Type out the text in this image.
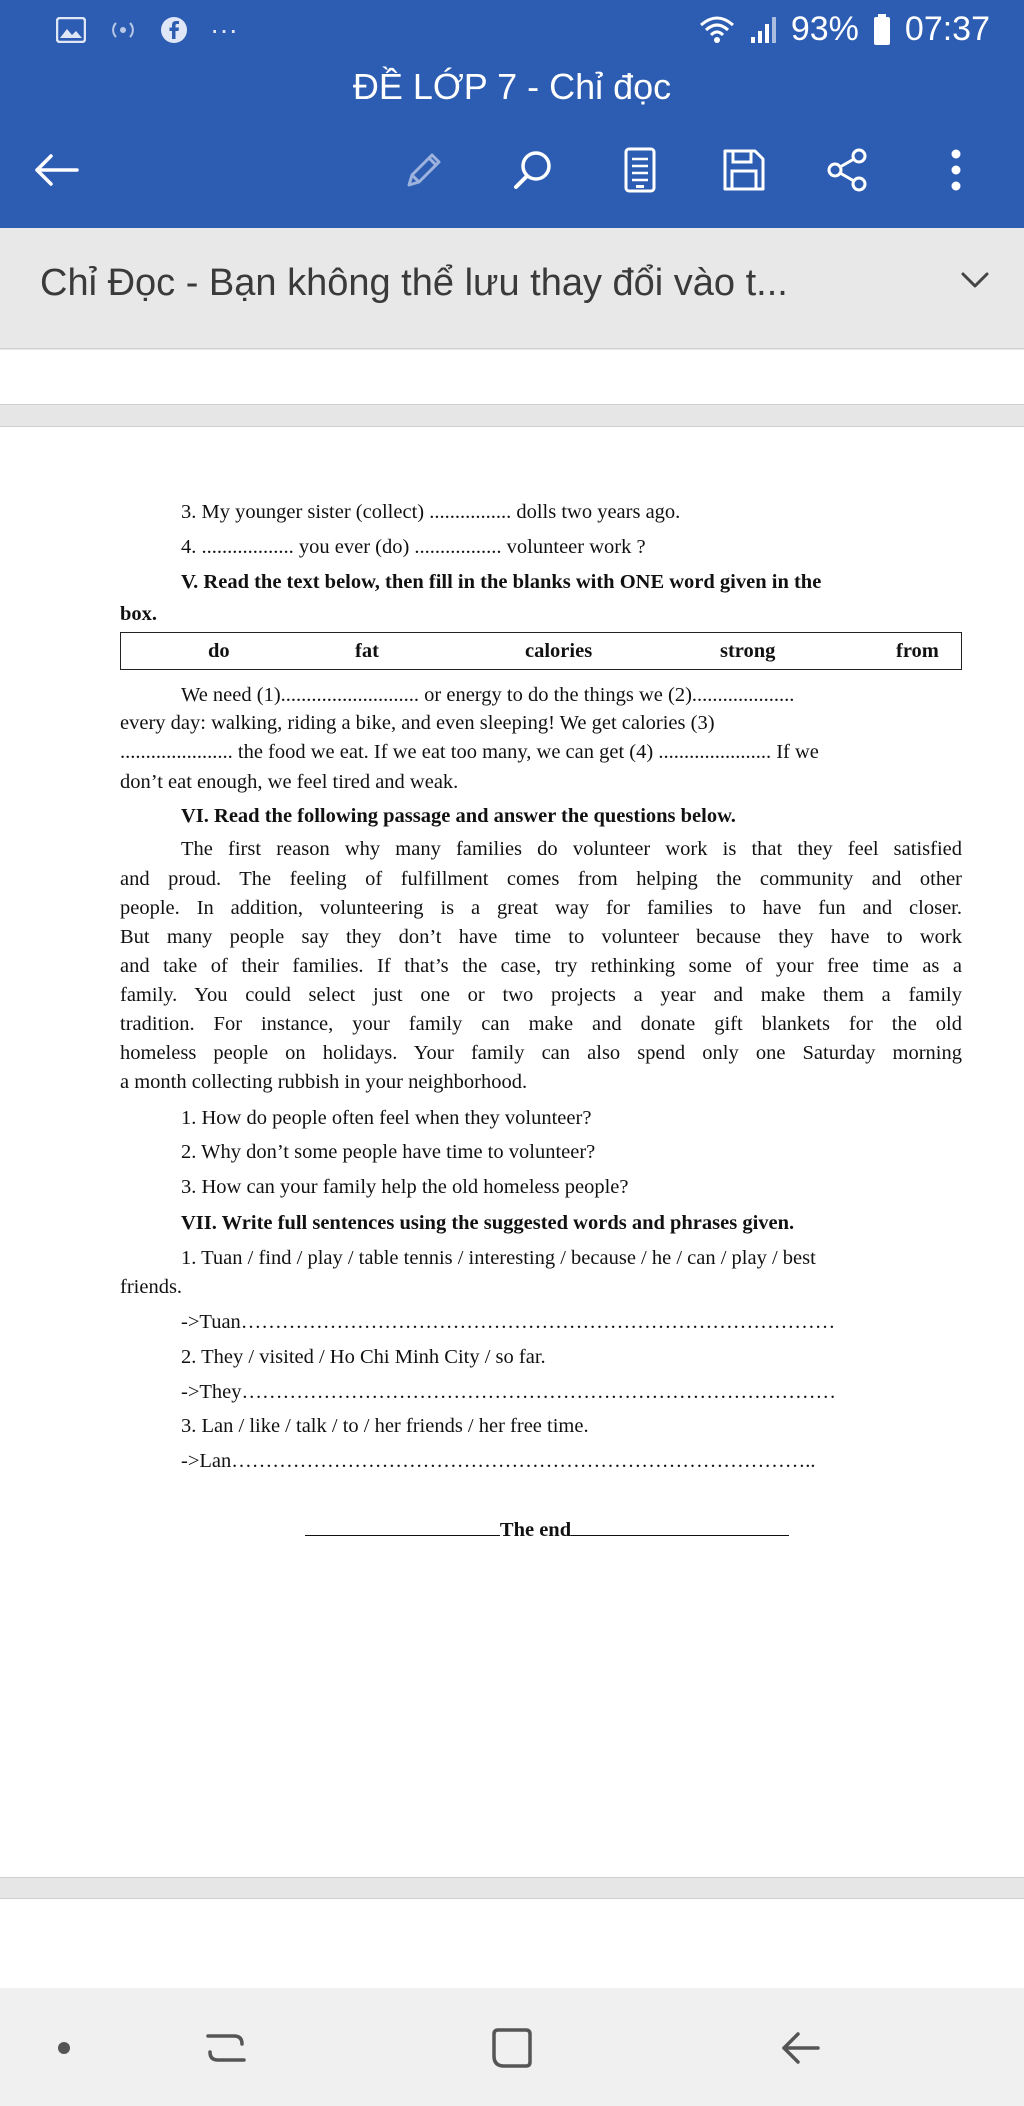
···	93% 07:37
ĐỀ LỚP 7 - Chỉ đọc
Chỉ Đọc - Bạn không thể lưu thay đổi vào t...
3. My younger sister (collect) ................ dolls two years ago.
4. .................. you ever (do) ................. volunteer work ?
V. Read the text below, then fill in the blanks with ONE word given in the
box.
do	fat	calories	strong	from
We need (1)........................... or energy to do the things we (2)....................
every day: walking, riding a bike, and even sleeping! We get calories (3)
...................... the food we eat. If we eat too many, we can get (4) ...................... If we
don’t eat enough, we feel tired and weak.
VI. Read the following passage and answer the questions below.
The first reason why many families do volunteer work is that they feel satisfied
and proud. The feeling of fulfillment comes from helping the community and other
people. In addition, volunteering is a great way for families to have fun and closer.
But many people say they don’t have time to volunteer because they have to work
and take of their families. If that’s the case, try rethinking some of your free time as a
family. You could select just one or two projects a year and make them a family
tradition. For instance, your family can make and donate gift blankets for the old
homeless people on holidays. Your family can also spend only one Saturday morning
a month collecting rubbish in your neighborhood.
1. How do people often feel when they volunteer?
2. Why don’t some people have time to volunteer?
3. How can your family help the old homeless people?
VII. Write full sentences using the suggested words and phrases given.
1. Tuan / find / play / table tennis / interesting / because / he / can / play / best
friends.
->Tuan……………………………………………………………………………
2. They / visited / Ho Chi Minh City / so far.
->They……………………………………………………………………………
3. Lan / like / talk / to / her friends / her free time.
->Lan…………………………………………………………………………..
The end
